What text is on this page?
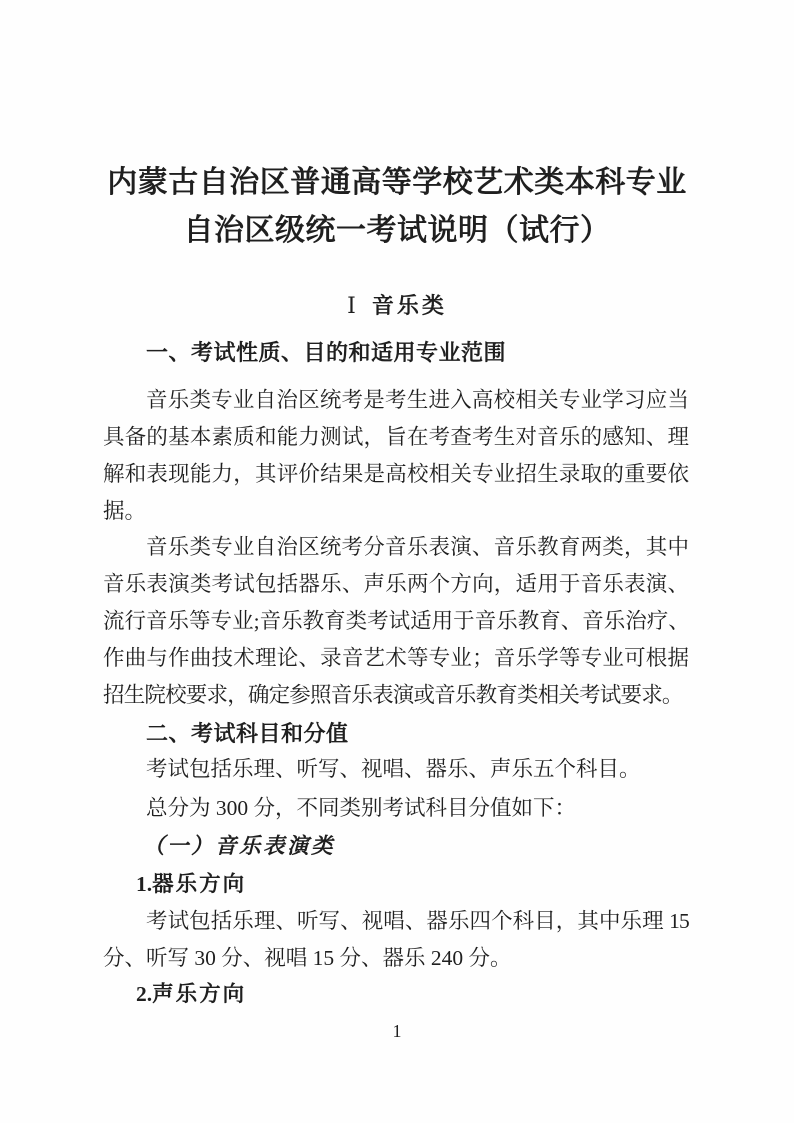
内蒙古自治区普通高等学校艺术类本科专业
自治区级统一考试说明（试行）
Ⅰ 音乐类
一、考试性质、目的和适用专业范围
音乐类专业自治区统考是考生进入高校相关专业学习应当
具备的基本素质和能力测试，旨在考查考生对音乐的感知、理
解和表现能力，其评价结果是高校相关专业招生录取的重要依
据。
音乐类专业自治区统考分音乐表演、音乐教育两类，其中
音乐表演类考试包括器乐、声乐两个方向，适用于音乐表演、
流行音乐等专业;音乐教育类考试适用于音乐教育、音乐治疗、
作曲与作曲技术理论、录音艺术等专业；音乐学等专业可根据
招生院校要求，确定参照音乐表演或音乐教育类相关考试要求。
二、考试科目和分值
考试包括乐理、听写、视唱、器乐、声乐五个科目。
总分为 300 分，不同类别考试科目分值如下：
（一）音乐表演类
1.器乐方向
考试包括乐理、听写、视唱、器乐四个科目，其中乐理 15
分、听写 30 分、视唱 15 分、器乐 240 分。
2.声乐方向
1
